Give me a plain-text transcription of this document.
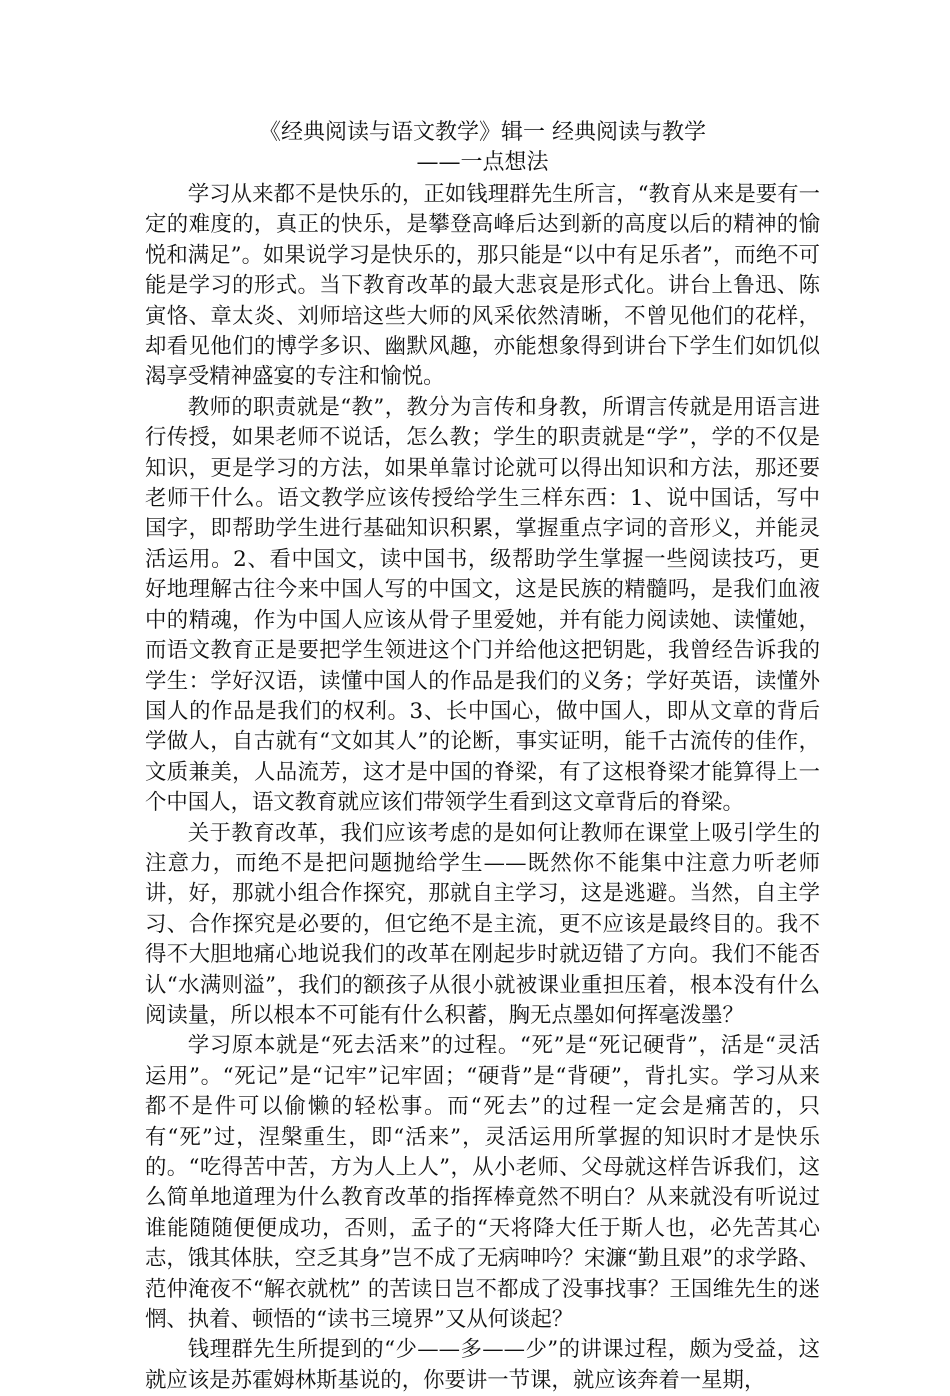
《经典阅读与语文教学》辑一 经典阅读与教学
——一点想法

学习从来都不是快乐的，正如钱理群先生所言，“教育从来是要有一定的难度的，真正的快乐，是攀登高峰后达到新的高度以后的精神的愉悦和满足”。如果说学习是快乐的，那只能是“以中有足乐者”，而绝不可能是学习的形式。当下教育改革的最大悲哀是形式化。讲台上鲁迅、陈寅恪、章太炎、刘师培这些大师的风采依然清晰，不曾见他们的花样，却看见他们的博学多识、幽默风趣，亦能想象得到讲台下学生们如饥似渴享受精神盛宴的专注和愉悦。

教师的职责就是“教”，教分为言传和身教，所谓言传就是用语言进行传授，如果老师不说话，怎么教；学生的职责就是“学”，学的不仅是知识，更是学习的方法，如果单靠讨论就可以得出知识和方法，那还要老师干什么。语文教学应该传授给学生三样东西：1、说中国话，写中国字，即帮助学生进行基础知识积累，掌握重点字词的音形义，并能灵活运用。2、看中国文，读中国书，级帮助学生掌握一些阅读技巧，更好地理解古往今来中国人写的中国文，这是民族的精髓吗，是我们血液中的精魂，作为中国人应该从骨子里爱她，并有能力阅读她、读懂她，而语文教育正是要把学生领进这个门并给他这把钥匙，我曾经告诉我的学生：学好汉语，读懂中国人的作品是我们的义务；学好英语，读懂外国人的作品是我们的权利。3、长中国心，做中国人，即从文章的背后学做人，自古就有“文如其人”的论断，事实证明，能千古流传的佳作，文质兼美，人品流芳，这才是中国的脊梁，有了这根脊梁才能算得上一个中国人，语文教育就应该们带领学生看到这文章背后的脊梁。

关于教育改革，我们应该考虑的是如何让教师在课堂上吸引学生的注意力，而绝不是把问题抛给学生——既然你不能集中注意力听老师讲，好，那就小组合作探究，那就自主学习，这是逃避。当然，自主学习、合作探究是必要的，但它绝不是主流，更不应该是最终目的。我不得不大胆地痛心地说我们的改革在刚起步时就迈错了方向。我们不能否认“水满则溢”，我们的额孩子从很小就被课业重担压着，根本没有什么阅读量，所以根本不可能有什么积蓄，胸无点墨如何挥毫泼墨？

学习原本就是“死去活来”的过程。“死”是“死记硬背”，活是“灵活运用”。“死记”是“记牢”记牢固；“硬背”是“背硬”，背扎实。学习从来都不是件可以偷懒的轻松事。而“死去”的过程一定会是痛苦的，只有“死”过，涅槃重生，即“活来”，灵活运用所掌握的知识时才是快乐的。“吃得苦中苦，方为人上人”，从小老师、父母就这样告诉我们，这么简单地道理为什么教育改革的指挥棒竟然不明白？从来就没有听说过谁能随随便便成功，否则，孟子的“天将降大任于斯人也，必先苦其心志，饿其体肤，空乏其身”岂不成了无病呻吟？宋濂“勤且艰”的求学路、范仲淹夜不“解衣就枕” 的苦读日岂不都成了没事找事？王国维先生的迷惘、执着、顿悟的“读书三境界”又从何谈起？

钱理群先生所提到的“少——多——少”的讲课过程，颇为受益，这就应该是苏霍姆林斯基说的，你要讲一节课，就应该奔着一星期，
